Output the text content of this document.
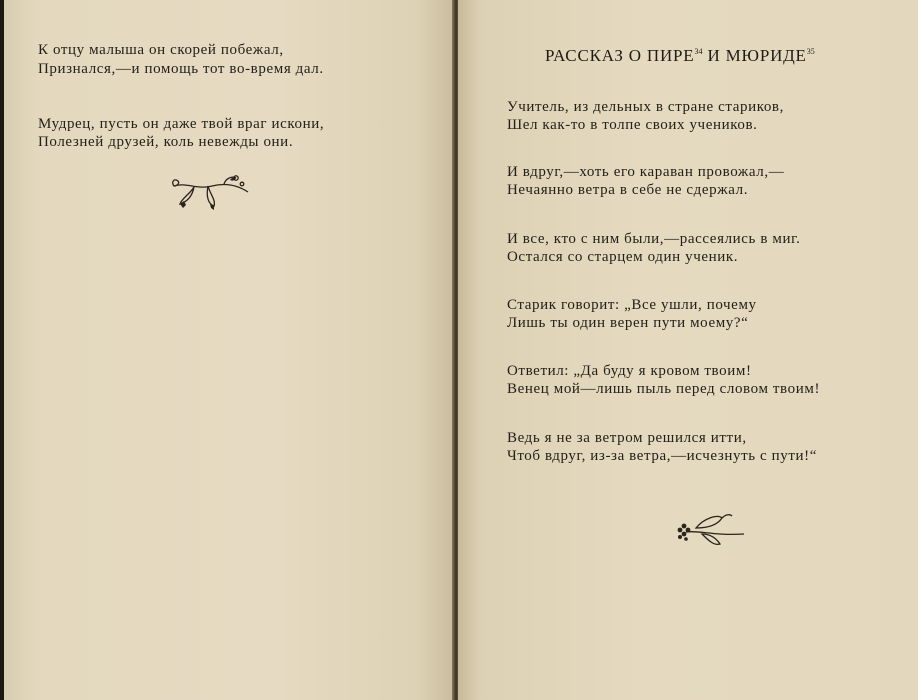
К отцу малыша он скорей побежал,
Признался,—и помощь тот во-время дал.
Мудрец, пусть он даже твой враг искони,
Полезней друзей, коль невежды они.
РАССКАЗ О ПИРЕ$^{34}$ И МЮРИДЕ$^{35}$
Учитель, из дельных в стране стариков,
Шел как-то в толпе своих учеников.
И вдруг,—хоть его караван провожал,—
Нечаянно ветра в себе не сдержал.
И все, кто с ним были,—рассеялись в миг.
Остался со старцем один ученик.
Старик говорит: „Все ушли, почему
Лишь ты один верен пути моему?“
Ответил: „Да буду я кровом твоим!
Венец мой—лишь пыль перед словом твоим!
Ведь я не за ветром решился итти,
Чтоб вдруг, из-за ветра,—исчезнуть с пути!“
